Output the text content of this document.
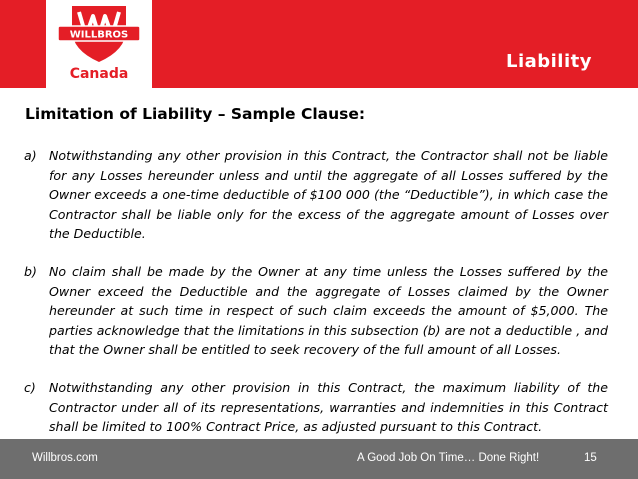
WILLBROS
Canada
Liability
Limitation of Liability – Sample Clause:
a) Notwithstanding any other provision in this Contract, the Contractor shall not be liable for any Losses hereunder unless and until the aggregate of all Losses suffered by the Owner exceeds a one-time deductible of $100 000 (the “Deductible”), in which case the Contractor shall be liable only for the excess of the aggregate amount of Losses over the Deductible.
b) No claim shall be made by the Owner at any time unless the Losses suffered by the Owner exceed the Deductible and the aggregate of Losses claimed by the Owner hereunder at such time in respect of such claim exceeds the amount of $5,000. The parties acknowledge that the limitations in this subsection (b) are not a deductible , and that the Owner shall be entitled to seek recovery of the full amount of all Losses.
c)	Notwithstanding any other provision in this Contract, the maximum liability of the Contractor under all of its representations, warranties and indemnities in this Contract shall be limited to 100% Contract Price, as adjusted pursuant to this Contract.
Willbros.com	A Good Job On Time… Done Right!	15
